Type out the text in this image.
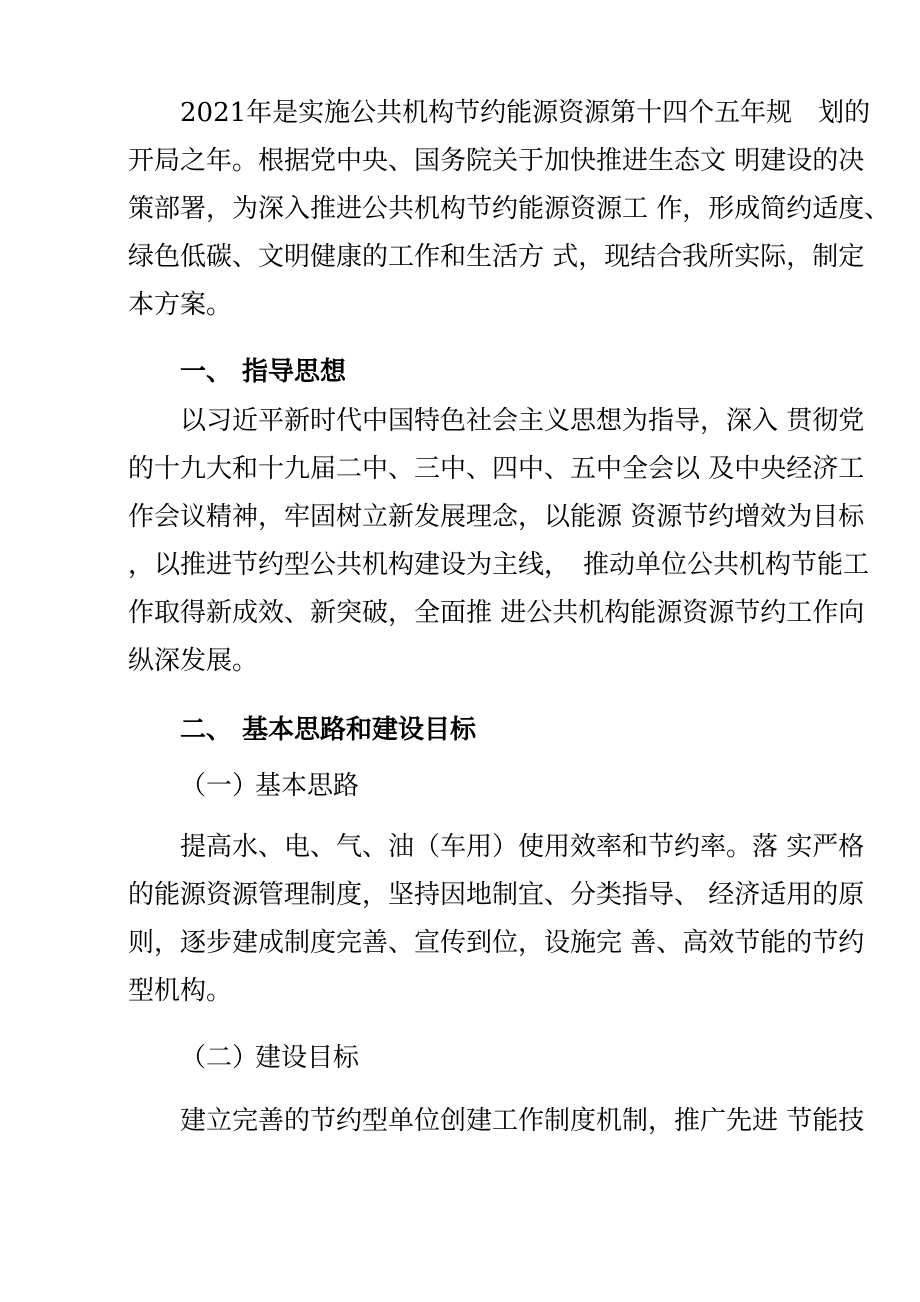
2021年是实施公共机构节约能源资源第十四个五年规　划的
开局之年。根据党中央、国务院关于加快推进生态文 明建设的决
策部署，为深入推进公共机构节约能源资源工 作，形成简约适度、
绿色低碳、文明健康的工作和生活方 式，现结合我所实际，制定
本方案。
一、 指导思想
以习近平新时代中国特色社会主义思想为指导，深入 贯彻党
的十九大和十九届二中、三中、四中、五中全会以 及中央经济工
作会议精神，牢固树立新发展理念，以能源 资源节约增效为目标
，以推进节约型公共机构建设为主线，　推动单位公共机构节能工
作取得新成效、新突破，全面推 进公共机构能源资源节约工作向
纵深发展。
二、 基本思路和建设目标
（一）基本思路
提高水、电、气、油（车用）使用效率和节约率。落 实严格
的能源资源管理制度，坚持因地制宜、分类指导、 经济适用的原
则，逐步建成制度完善、宣传到位，设施完 善、高效节能的节约
型机构。
（二）建设目标
建立完善的节约型单位创建工作制度机制，推广先进 节能技
